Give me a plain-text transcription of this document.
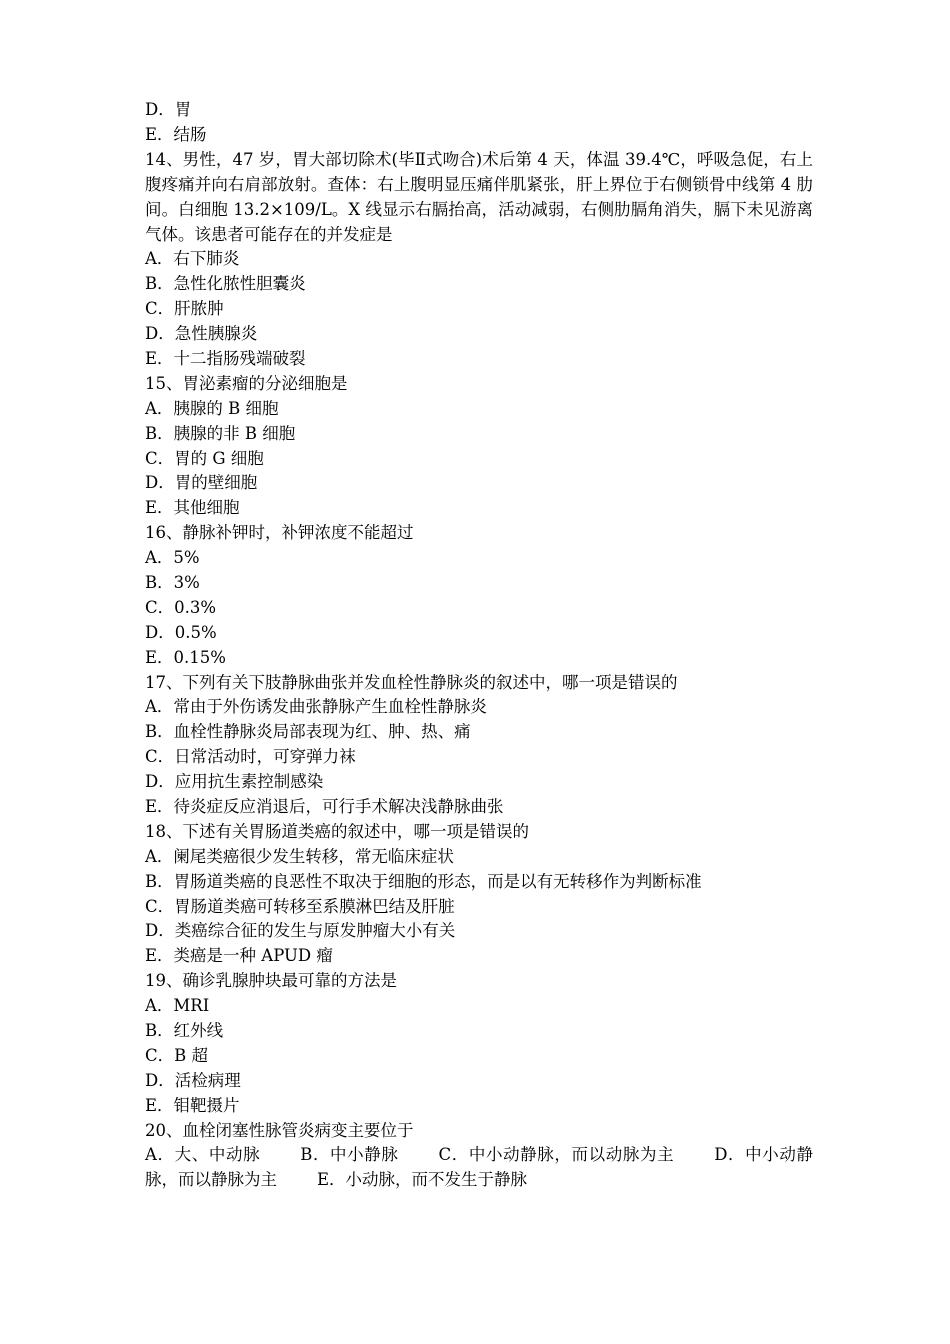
D．胃
E．结肠
14、男性，47 岁，胃大部切除术(毕Ⅱ式吻合)术后第 4 天，体温 39.4℃，呼吸急促，右上腹疼痛并向右肩部放射。查体：右上腹明显压痛伴肌紧张，肝上界位于右侧锁骨中线第 4 肋间。白细胞 13.2×109/L。X 线显示右膈抬高，活动减弱，右侧肋膈角消失，膈下未见游离气体。该患者可能存在的并发症是
A．右下肺炎
B．急性化脓性胆囊炎
C．肝脓肿
D．急性胰腺炎
E．十二指肠残端破裂
15、胃泌素瘤的分泌细胞是
A．胰腺的 B 细胞
B．胰腺的非 B 细胞
C．胃的 G 细胞
D．胃的壁细胞
E．其他细胞
16、静脉补钾时，补钾浓度不能超过
A．5%
B．3%
C．0.3%
D．0.5%
E．0.15%
17、下列有关下肢静脉曲张并发血栓性静脉炎的叙述中，哪一项是错误的
A．常由于外伤诱发曲张静脉产生血栓性静脉炎
B．血栓性静脉炎局部表现为红、肿、热、痛
C．日常活动时，可穿弹力袜
D．应用抗生素控制感染
E．待炎症反应消退后，可行手术解决浅静脉曲张
18、下述有关胃肠道类癌的叙述中，哪一项是错误的
A．阑尾类癌很少发生转移，常无临床症状
B．胃肠道类癌的良恶性不取决于细胞的形态，而是以有无转移作为判断标准
C．胃肠道类癌可转移至系膜淋巴结及肝脏
D．类癌综合征的发生与原发肿瘤大小有关
E．类癌是一种 APUD 瘤
19、确诊乳腺肿块最可靠的方法是
A．MRI
B．红外线
C．B 超
D．活检病理
E．钼靶摄片
20、血栓闭塞性脉管炎病变主要位于
A．大、中动脉 B．中小静脉 C．中小动静脉，而以动脉为主 D．中小动静脉，而以静脉为主 E．小动脉，而不发生于静脉
